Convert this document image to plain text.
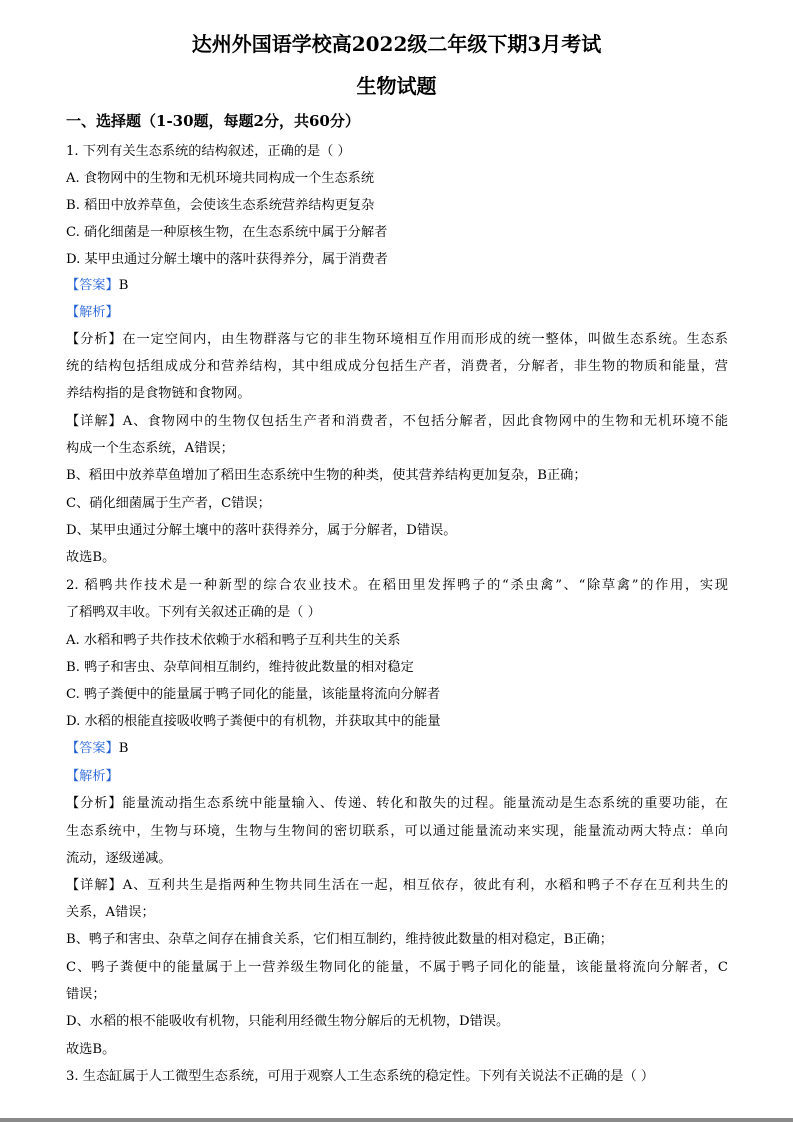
达州外国语学校高2022级二年级下期3月考试
生物试题

一、选择题（1-30题，每题2分，共60分）

1. 下列有关生态系统的结构叙述，正确的是（ ）

A. 食物网中的生物和无机环境共同构成一个生态系统

B. 稻田中放养草鱼，会使该生态系统营养结构更复杂

C. 硝化细菌是一种原核生物，在生态系统中属于分解者

D. 某甲虫通过分解土壤中的落叶获得养分，属于消费者

【答案】B

【解析】

【分析】在一定空间内，由生物群落与它的非生物环境相互作用而形成的统一整体，叫做生态系统。生态系

统的结构包括组成成分和营养结构，其中组成成分包括生产者，消费者，分解者，非生物的物质和能量，营

养结构指的是食物链和食物网。

【详解】A、食物网中的生物仅包括生产者和消费者，不包括分解者，因此食物网中的生物和无机环境不能

构成一个生态系统，A错误；

B、稻田中放养草鱼增加了稻田生态系统中生物的种类，使其营养结构更加复杂，B正确；

C、硝化细菌属于生产者，C错误；

D、某甲虫通过分解土壤中的落叶获得养分，属于分解者，D错误。

故选B。

2. 稻鸭共作技术是一种新型的综合农业技术。在稻田里发挥鸭子的“杀虫禽”、“除草禽”的作用，实现

了稻鸭双丰收。下列有关叙述正确的是（ ）

A. 水稻和鸭子共作技术依赖于水稻和鸭子互利共生的关系

B. 鸭子和害虫、杂草间相互制约，维持彼此数量的相对稳定

C. 鸭子粪便中的能量属于鸭子同化的能量，该能量将流向分解者

D. 水稻的根能直接吸收鸭子粪便中的有机物，并获取其中的能量

【答案】B

【解析】

【分析】能量流动指生态系统中能量输入、传递、转化和散失的过程。能量流动是生态系统的重要功能，在

生态系统中，生物与环境，生物与生物间的密切联系，可以通过能量流动来实现，能量流动两大特点：单向

流动，逐级递减。

【详解】A、互利共生是指两种生物共同生活在一起，相互依存，彼此有利，水稻和鸭子不存在互利共生的

关系，A错误；

B、鸭子和害虫、杂草之间存在捕食关系，它们相互制约，维持彼此数量的相对稳定，B正确；

C、鸭子粪便中的能量属于上一营养级生物同化的能量，不属于鸭子同化的能量，该能量将流向分解者，C

错误；

D、水稻的根不能吸收有机物，只能利用经微生物分解后的无机物，D错误。

故选B。

3. 生态缸属于人工微型生态系统，可用于观察人工生态系统的稳定性。下列有关说法不正确的是（ ）
